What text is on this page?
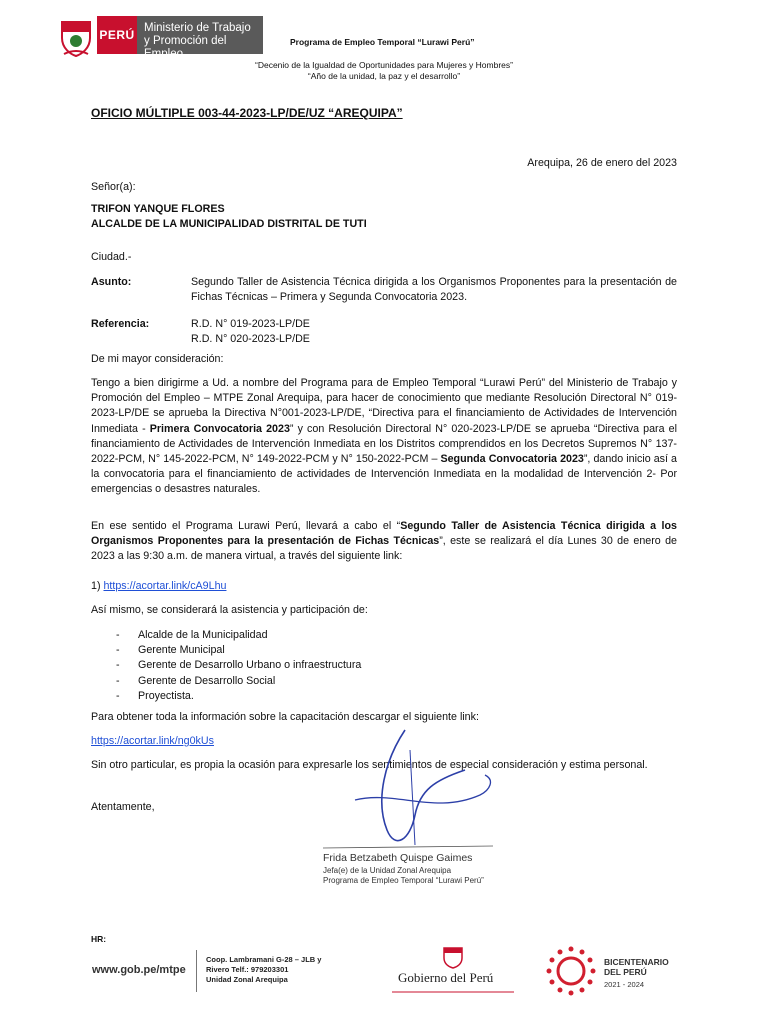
PERÚ Ministerio de Trabajo
y Promoción del Empleo
Programa de Empleo Temporal “Lurawi Perú”
“Decenio de la Igualdad de Oportunidades para Mujeres y Hombres”
“Año de la unidad, la paz y el desarrollo”
OFICIO MÚLTIPLE 003-44-2023-LP/DE/UZ “AREQUIPA”
Arequipa, 26 de enero del 2023
Señor(a):
TRIFON YANQUE FLORES
ALCALDE DE LA MUNICIPALIDAD DISTRITAL DE TUTI
Ciudad.-
Asunto:	Segundo Taller de Asistencia Técnica dirigida a los Organismos Proponentes para la presentación de Fichas Técnicas – Primera y Segunda Convocatoria 2023.
Referencia:	R.D. N° 019-2023-LP/DE
R.D. N° 020-2023-LP/DE
De mi mayor consideración:
Tengo a bien dirigirme a Ud. a nombre del Programa para de Empleo Temporal “Lurawi Perú” del Ministerio de Trabajo y Promoción del Empleo – MTPE Zonal Arequipa, para hacer de conocimiento que mediante Resolución Directoral N° 019-2023-LP/DE se aprueba la Directiva N°001-2023-LP/DE, “Directiva para el financiamiento de Actividades de Intervención Inmediata - Primera Convocatoria 2023” y con Resolución Directoral N° 020-2023-LP/DE se aprueba “Directiva para el financiamiento de Actividades de Intervención Inmediata en los Distritos comprendidos en los Decretos Supremos N° 137-2022-PCM, N° 145-2022-PCM, N° 149-2022-PCM y N° 150-2022-PCM – Segunda Convocatoria 2023”, dando inicio así a la convocatoria para el financiamiento de actividades de Intervención Inmediata en la modalidad de Intervención 2- Por emergencias o desastres naturales.
En ese sentido el Programa Lurawi Perú, llevará a cabo el “Segundo Taller de Asistencia Técnica dirigida a los Organismos Proponentes para la presentación de Fichas Técnicas”, este se realizará el día Lunes 30 de enero de 2023 a las 9:30 a.m. de manera virtual, a través del siguiente link:
1) https://acortar.link/cA9Lhu
Así mismo, se considerará la asistencia y participación de:
- Alcalde de la Municipalidad
- Gerente Municipal
- Gerente de Desarrollo Urbano o infraestructura
- Gerente de Desarrollo Social
- Proyectista.
Para obtener toda la información sobre la capacitación descargar el siguiente link:
https://acortar.link/ng0kUs
Sin otro particular, es propia la ocasión para expresarle los sentimientos de especial consideración y estima personal.
Atentamente,
Frida Betzabeth Quispe Gaimes
Jefa(e) de la Unidad Zonal Arequipa
Programa de Empleo Temporal “Lurawi Perú”
HR:
www.gob.pe/mtpe
Coop. Lambramani G-28 – JLB y
Rivero Telf.: 979203301
Unidad Zonal Arequipa	Gobierno del Perú
BICENTENARIO
DEL PERÚ
2021 - 2024
